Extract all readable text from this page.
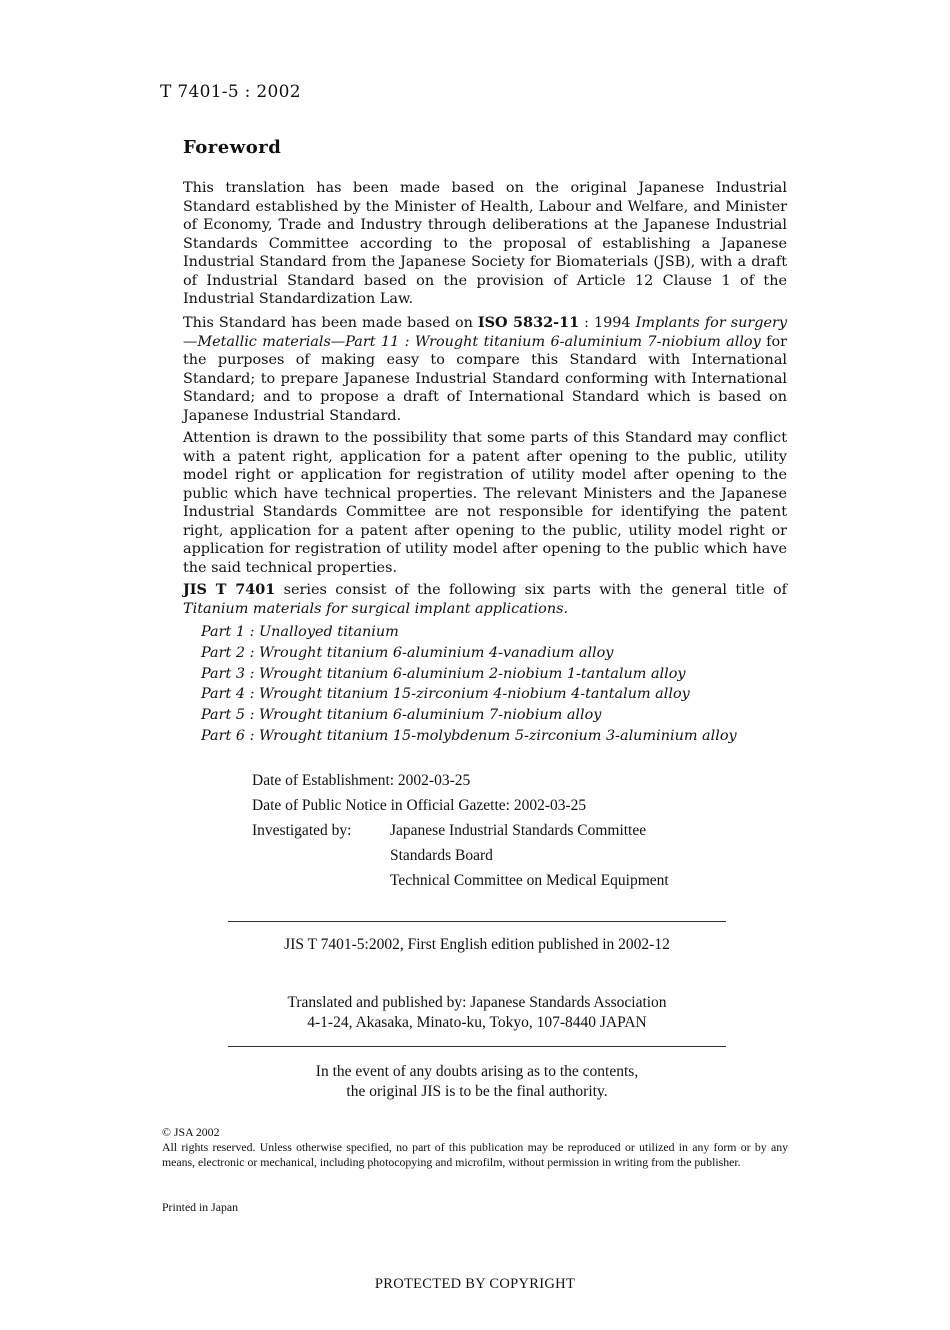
T 7401-5 : 2002
Foreword
This translation has been made based on the original Japanese Industrial Standard established by the Minister of Health, Labour and Welfare, and Minister of Economy, Trade and Industry through deliberations at the Japanese Industrial Standards Committee according to the proposal of establishing a Japanese Industrial Standard from the Japanese Society for Biomaterials (JSB), with a draft of Industrial Standard based on the provision of Article 12 Clause 1 of the Industrial Standardization Law.
This Standard has been made based on ISO 5832-11 : 1994 Implants for surgery—Metallic materials—Part 11 : Wrought titanium 6-aluminium 7-niobium alloy for the purposes of making easy to compare this Standard with International Standard; to prepare Japanese Industrial Standard conforming with International Standard; and to propose a draft of International Standard which is based on Japanese Industrial Standard.
Attention is drawn to the possibility that some parts of this Standard may conflict with a patent right, application for a patent after opening to the public, utility model right or application for registration of utility model after opening to the public which have technical properties. The relevant Ministers and the Japanese Industrial Standards Committee are not responsible for identifying the patent right, application for a patent after opening to the public, utility model right or application for registration of utility model after opening to the public which have the said technical properties.
JIS T 7401 series consist of the following six parts with the general title of Titanium materials for surgical implant applications.
Part 1 : Unalloyed titanium
Part 2 : Wrought titanium 6-aluminium 4-vanadium alloy
Part 3 : Wrought titanium 6-aluminium 2-niobium 1-tantalum alloy
Part 4 : Wrought titanium 15-zirconium 4-niobium 4-tantalum alloy
Part 5 : Wrought titanium 6-aluminium 7-niobium alloy
Part 6 : Wrought titanium 15-molybdenum 5-zirconium 3-aluminium alloy
Date of Establishment: 2002-03-25
Date of Public Notice in Official Gazette: 2002-03-25
Investigated by: Japanese Industrial Standards Committee
Standards Board
Technical Committee on Medical Equipment
JIS T 7401-5:2002, First English edition published in 2002-12
Translated and published by: Japanese Standards Association
4-1-24, Akasaka, Minato-ku, Tokyo, 107-8440 JAPAN
In the event of any doubts arising as to the contents,
the original JIS is to be the final authority.
© JSA 2002
All rights reserved. Unless otherwise specified, no part of this publication may be reproduced or utilized in any form or by any means, electronic or mechanical, including photocopying and microfilm, without permission in writing from the publisher.
Printed in Japan
PROTECTED BY COPYRIGHT
